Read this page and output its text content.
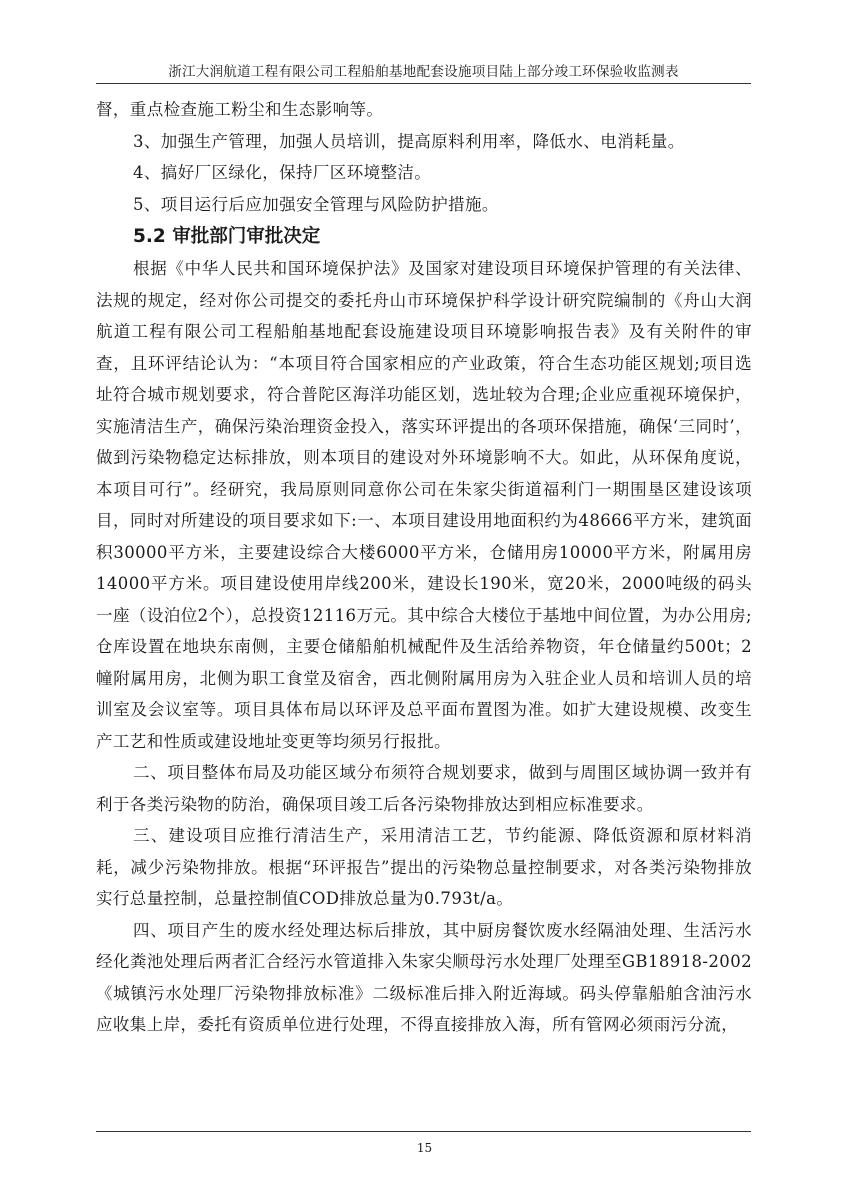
浙江大润航道工程有限公司工程船舶基地配套设施项目陆上部分竣工环保验收监测表

督，重点检查施工粉尘和生态影响等。

3、加强生产管理，加强人员培训，提高原料利用率，降低水、电消耗量。

4、搞好厂区绿化，保持厂区环境整洁。

5、项目运行后应加强安全管理与风险防护措施。

5.2 审批部门审批决定

根据《中华人民共和国环境保护法》及国家对建设项目环境保护管理的有关法律、法规的规定，经对你公司提交的委托舟山市环境保护科学设计研究院编制的《舟山大润航道工程有限公司工程船舶基地配套设施建设项目环境影响报告表》及有关附件的审查，且环评结论认为：“本项目符合国家相应的产业政策，符合生态功能区规划;项目选址符合城市规划要求，符合普陀区海洋功能区划，选址较为合理;企业应重视环境保护，实施清洁生产，确保污染治理资金投入，落实环评提出的各项环保措施，确保‘三同时’，做到污染物稳定达标排放，则本项目的建设对外环境影响不大。如此，从环保角度说，本项目可行”。经研究，我局原则同意你公司在朱家尖街道福利门一期围垦区建设该项目，同时对所建设的项目要求如下:一、本项目建设用地面积约为48666平方米，建筑面积30000平方米，主要建设综合大楼6000平方米，仓储用房10000平方米，附属用房14000平方米。项目建设使用岸线200米，建设长190米，宽20米，2000吨级的码头一座（设泊位2个），总投资12116万元。其中综合大楼位于基地中间位置，为办公用房;仓库设置在地块东南侧，主要仓储船舶机械配件及生活给养物资，年仓储量约500t；2幢附属用房，北侧为职工食堂及宿舍，西北侧附属用房为入驻企业人员和培训人员的培训室及会议室等。项目具体布局以环评及总平面布置图为准。如扩大建设规模、改变生产工艺和性质或建设地址变更等均须另行报批。

二、项目整体布局及功能区域分布须符合规划要求，做到与周围区域协调一致并有利于各类污染物的防治，确保项目竣工后各污染物排放达到相应标准要求。

三、建设项目应推行清洁生产，采用清洁工艺，节约能源、降低资源和原材料消耗，减少污染物排放。根据“环评报告”提出的污染物总量控制要求，对各类污染物排放实行总量控制，总量控制值COD排放总量为0.793t/a。

四、项目产生的废水经处理达标后排放，其中厨房餐饮废水经隔油处理、生活污水经化粪池处理后两者汇合经污水管道排入朱家尖顺母污水处理厂处理至GB18918-2002《城镇污水处理厂污染物排放标准》二级标准后排入附近海域。码头停靠船舶含油污水应收集上岸，委托有资质单位进行处理，不得直接排放入海，所有管网必须雨污分流，

15
